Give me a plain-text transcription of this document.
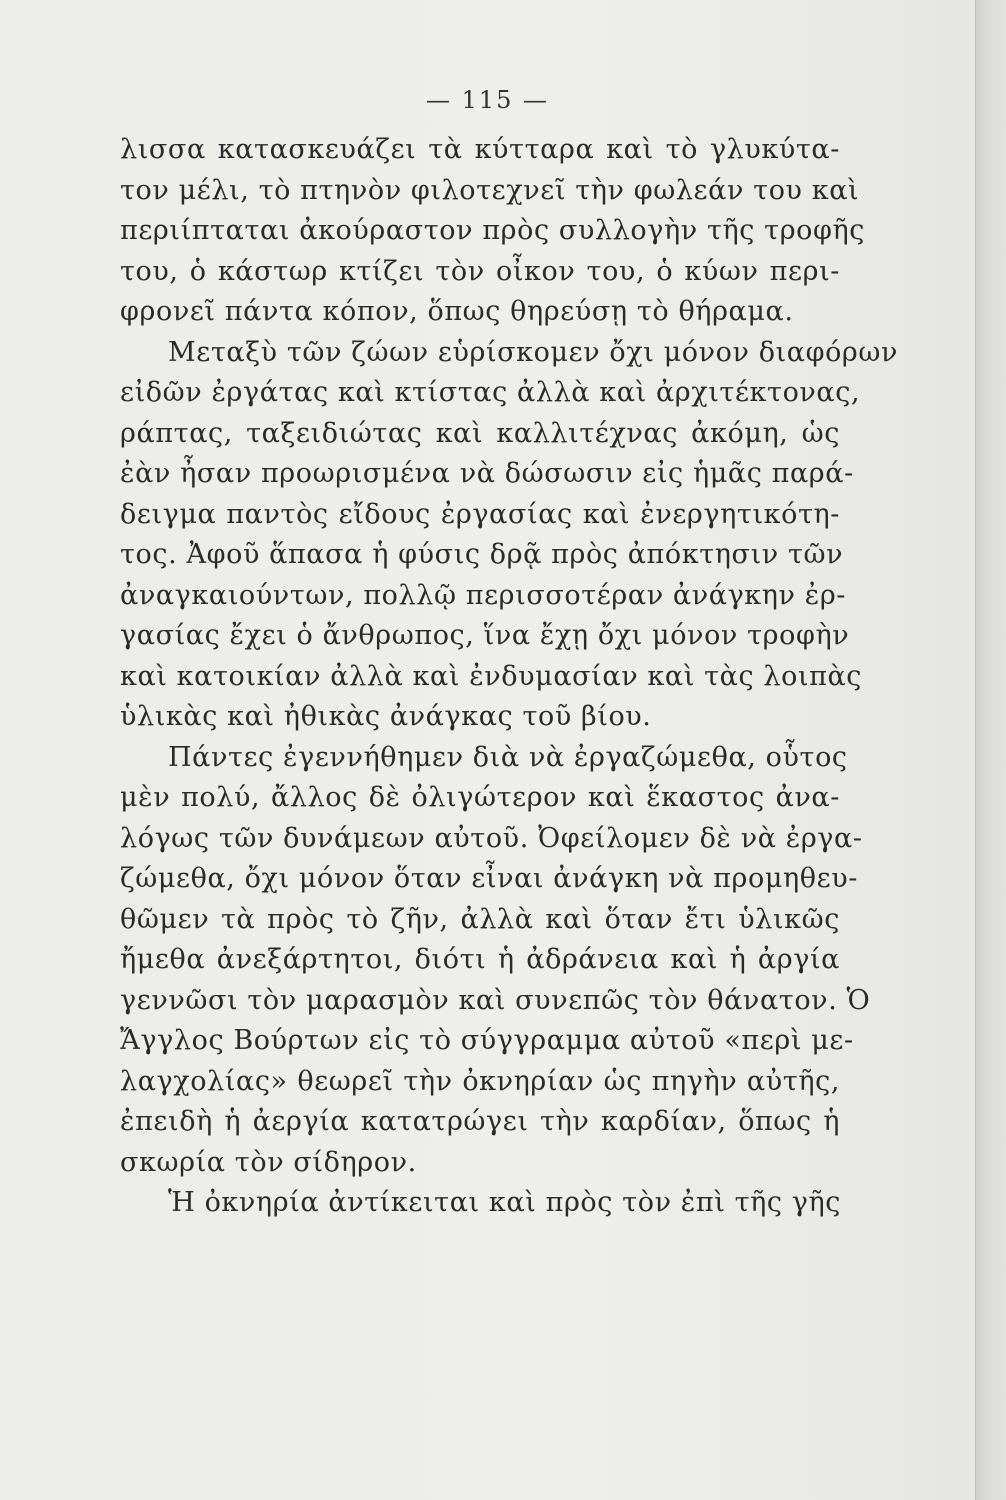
— 115 —
λισσα κατασκευάζει τὰ κύτταρα καὶ τὸ γλυκύτα-
τον μέλι, τὸ πτηνὸν φιλοτεχνεῖ τὴν φωλεάν του καὶ
περιίπταται ἀκούραστον πρὸς συλλογὴν τῆς τροφῆς
του, ὁ κάστωρ κτίζει τὸν οἶκον του, ὁ κύων περι-
φρονεῖ πάντα κόπον, ὅπως θηρεύσῃ τὸ θήραμα.
Μεταξὺ τῶν ζώων εὑρίσκομεν ὄχι μόνον διαφόρων
εἰδῶν ἐργάτας καὶ κτίστας ἀλλὰ καὶ ἀρχιτέκτονας,
ράπτας, ταξειδιώτας καὶ καλλιτέχνας ἀκόμη, ὡς
ἐὰν ἦσαν προωρισμένα νὰ δώσωσιν εἰς ἡμᾶς παρά-
δειγμα παντὸς εἴδους ἐργασίας καὶ ἐνεργητικότη-
τος. Ἀφοῦ ἅπασα ἡ φύσις δρᾷ πρὸς ἀπόκτησιν τῶν
ἀναγκαιούντων, πολλῷ περισσοτέραν ἀνάγκην ἐρ-
γασίας ἔχει ὁ ἄνθρωπος, ἵνα ἔχῃ ὄχι μόνον τροφὴν
καὶ κατοικίαν ἀλλὰ καὶ ἐνδυμασίαν καὶ τὰς λοιπὰς
ὑλικὰς καὶ ἠθικὰς ἀνάγκας τοῦ βίου.
Πάντες ἐγεννήθημεν διὰ νὰ ἐργαζώμεθα, οὗτος
μὲν πολύ, ἄλλος δὲ ὀλιγώτερον καὶ ἕκαστος ἀνα-
λόγως τῶν δυνάμεων αὐτοῦ. Ὀφείλομεν δὲ νὰ ἐργα-
ζώμεθα, ὄχι μόνον ὅταν εἶναι ἀνάγκη νὰ προμηθευ-
θῶμεν τὰ πρὸς τὸ ζῆν, ἀλλὰ καὶ ὅταν ἔτι ὑλικῶς
ἤμεθα ἀνεξάρτητοι, διότι ἡ ἀδράνεια καὶ ἡ ἀργία
γεννῶσι τὸν μαρασμὸν καὶ συνεπῶς τὸν θάνατον. Ὁ
Ἄγγλος Βούρτων εἰς τὸ σύγγραμμα αὐτοῦ «περὶ με-
λαγχολίας» θεωρεῖ τὴν ὀκνηρίαν ὡς πηγὴν αὐτῆς,
ἐπειδὴ ἡ ἀεργία κατατρώγει τὴν καρδίαν, ὅπως ἡ
σκωρία τὸν σίδηρον.
Ἡ ὀκνηρία ἀντίκειται καὶ πρὸς τὸν ἐπὶ τῆς γῆς
